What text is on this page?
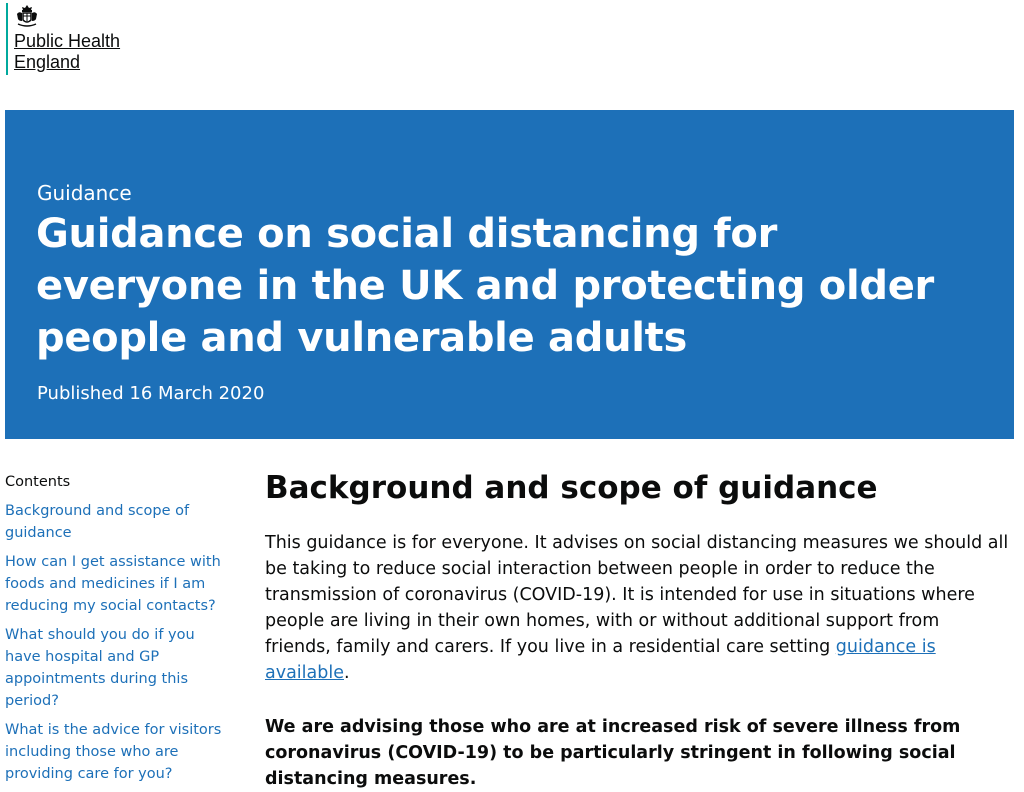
Public Health
England
Guidance
Guidance on social distancing for everyone in the UK and protecting older people and vulnerable adults
Published 16 March 2020
Contents
Background and scope of guidance
How can I get assistance with foods and medicines if I am reducing my social contacts?
What should you do if you have hospital and GP appointments during this period?
What is the advice for visitors including those who are providing care for you?
Background and scope of guidance

This guidance is for everyone. It advises on social distancing measures we should all be taking to reduce social interaction between people in order to reduce the transmission of coronavirus (COVID-19). It is intended for use in situations where people are living in their own homes, with or without additional support from friends, family and carers. If you live in a residential care setting guidance is available.

We are advising those who are at increased risk of severe illness from coronavirus (COVID-19) to be particularly stringent in following social distancing measures.
